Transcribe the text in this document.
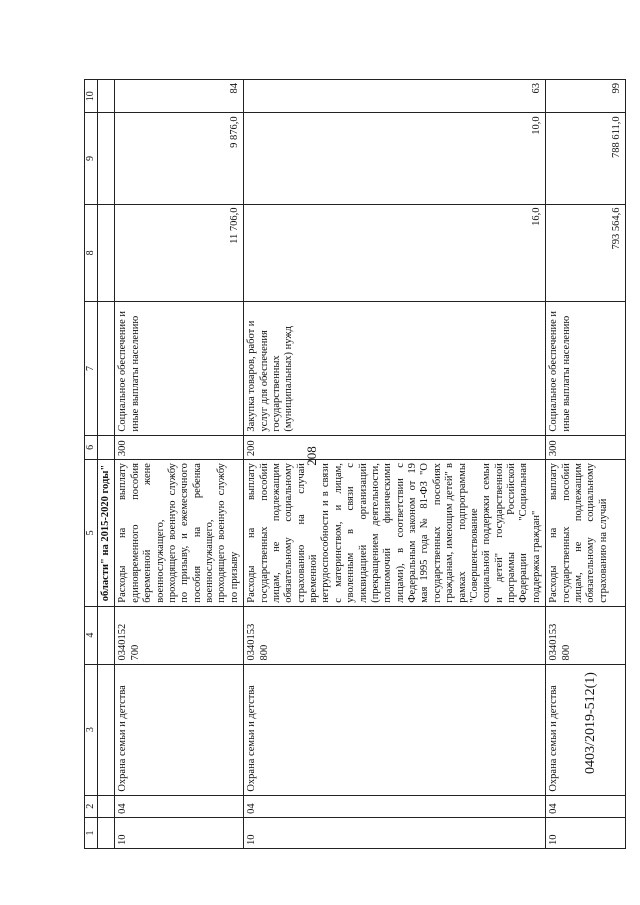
208
0403/2019-512(1)
1	2	3	4	5	6	7	8	9	10
				области" на 2015-2020 годы"					
10	04	Охрана семьи и детства	0340152 700	Расходы на выплату единовременного пособия беременной жене военнослужащего, проходящего военную службу по призыву, и ежемесячного пособия на ребенка военнослужащего, проходящего военную службу по призыву	300	Социальное обеспечение и иные выплаты населению	11 706,0	9 876,0	84
10	04	Охрана семьи и детства	0340153 800	Расходы на выплату государственных пособий лицам, не подлежащим обязательному социальному страхованию на случай временной нетрудоспособности и в связи с материнством, и лицам, уволенным в связи с ликвидацией организаций (прекращением деятельности, полномочий физическими лицами), в соответствии с Федеральным законом от 19 мая 1995 года № 81-ФЗ "О государственных пособиях гражданам, имеющим детей" в рамках подпрограммы "Совершенствование социальной поддержки семьи и детей" государственной программы Российской Федерации "Социальная поддержка граждан"	200	Закупка товаров, работ и услуг для обеспечения государственных (муниципальных) нужд	16,0	10,0	63
10	04	Охрана семьи и детства	0340153 800	Расходы на выплату государственных пособий лицам, не подлежащим обязательному социальному страхованию на случай	300	Социальное обеспечение и иные выплаты населению	793 564,6	788 611,0	99
